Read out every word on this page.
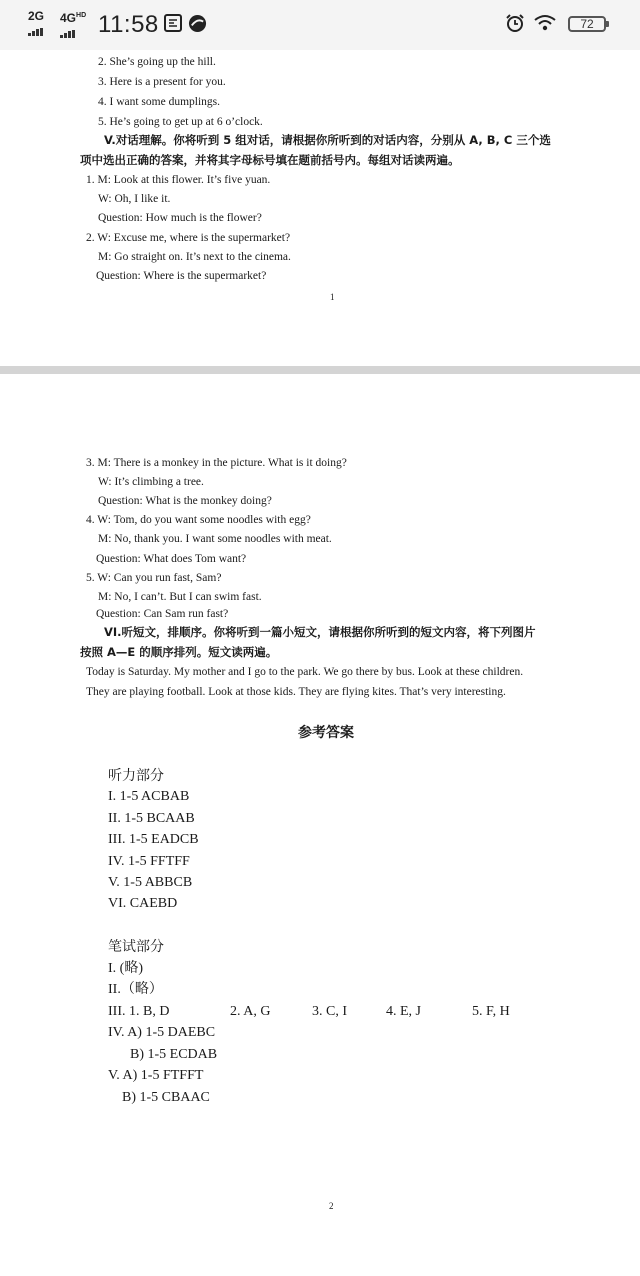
2G $4G^{HD}$ 11:58	72
2. She’s going up the hill.
3. Here is a present for you.
4. I want some dumplings.
5. He’s going to get up at 6 o’clock.
V.对话理解。你将听到 5 组对话，请根据你所听到的对话内容，分别从 A, B, C 三个选
项中选出正确的答案，并将其字母标号填在题前括号内。每组对话读两遍。
1. M: Look at this flower. It’s five yuan.
W: Oh, I like it.
Question: How much is the flower?
2. W: Excuse me, where is the supermarket?
M: Go straight on. It’s next to the cinema.
Question: Where is the supermarket?
1
3. M: There is a monkey in the picture. What is it doing?
W: It’s climbing a tree.
Question: What is the monkey doing?
4. W: Tom, do you want some noodles with egg?
M: No, thank you. I want some noodles with meat.
Question: What does Tom want?
5. W: Can you run fast, Sam?
M: No, I can’t. But I can swim fast.
Question: Can Sam run fast?
VI.听短文，排顺序。你将听到一篇小短文，请根据你所听到的短文内容，将下列图片
按照 A—E 的顺序排列。短文读两遍。
Today is Saturday. My mother and I go to the park. We go there by bus. Look at these children.
They are playing football. Look at those kids. They are flying kites. That’s very interesting.
参考答案
听力部分
I. 1-5 ACBAB
II. 1-5 BCAAB
III. 1-5 EADCB
IV. 1-5 FFTFF
V. 1-5 ABBCB
VI. CAEBD
笔试部分
I. (略)
II.（略）
III. 1. B, D	2. A, G	3. C, I	4. E, J	5. F, H
IV. A) 1-5 DAEBC
B) 1-5 ECDAB
V. A) 1-5 FTFFT
B) 1-5 CBAAC
2
